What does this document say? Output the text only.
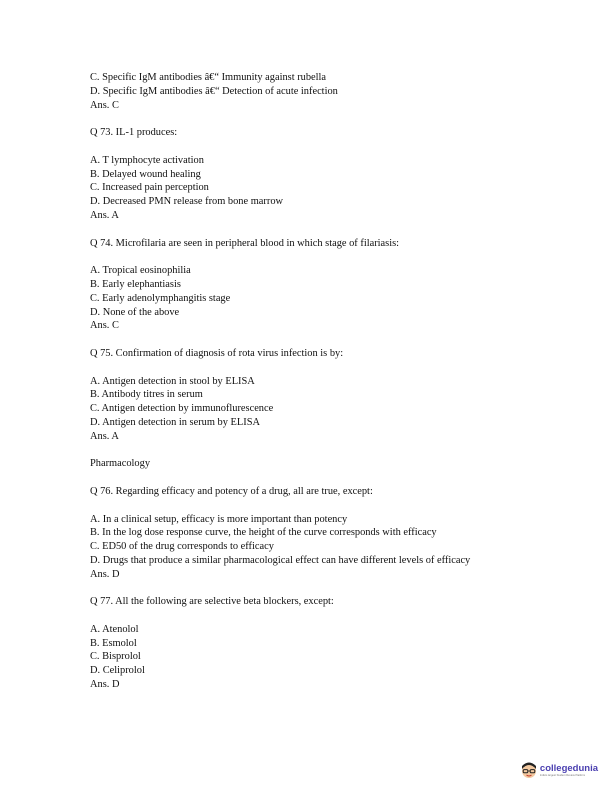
C. Specific IgM antibodies â€“ Immunity against rubella

D. Specific IgM antibodies â€“ Detection of acute infection

Ans. C

Q 73. IL-1 produces:

A. T lymphocyte activation

B. Delayed wound healing

C. Increased pain perception

D. Decreased PMN release from bone marrow

Ans. A

Q 74. Microfilaria are seen in peripheral blood in which stage of filariasis:

A. Tropical eosinophilia

B. Early elephantiasis

C. Early adenolymphangitis stage

D. None of the above

Ans. C

Q 75. Confirmation of diagnosis of rota virus infection is by:

A. Antigen detection in stool by ELISA

B. Antibody titres in serum

C. Antigen detection by immunoflurescence

D. Antigen detection in serum by ELISA

Ans. A

Pharmacology

Q 76. Regarding efficacy and potency of a drug, all are true, except:

A. In a clinical setup, efficacy is more important than potency

B. In the log dose response curve, the height of the curve corresponds with efficacy

C. ED50 of the drug corresponds to efficacy

D. Drugs that produce a similar pharmacological effect can have different levels of efficacy

Ans. D

Q 77. All the following are selective beta blockers, except:

A. Atenolol

B. Esmolol

C. Bisprolol

D. Celiprolol

Ans. D

collegedunia
India's largest Student Review Platform
